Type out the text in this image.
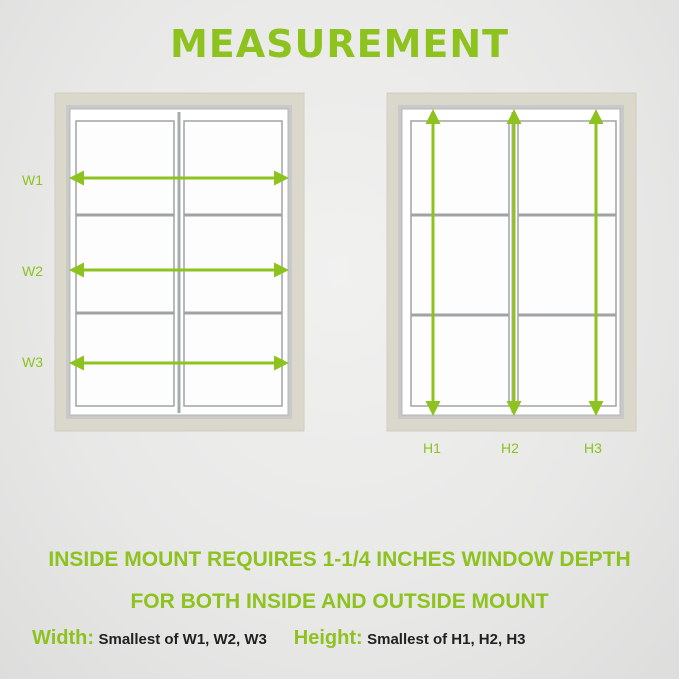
MEASUREMENT
W1
W2
W3
H1	H2	H3
INSIDE MOUNT REQUIRES 1-1/4 INCHES WINDOW DEPTH
FOR BOTH INSIDE AND OUTSIDE MOUNT
Width: Smallest of W1, W2, W3 Height: Smallest of H1, H2, H3
